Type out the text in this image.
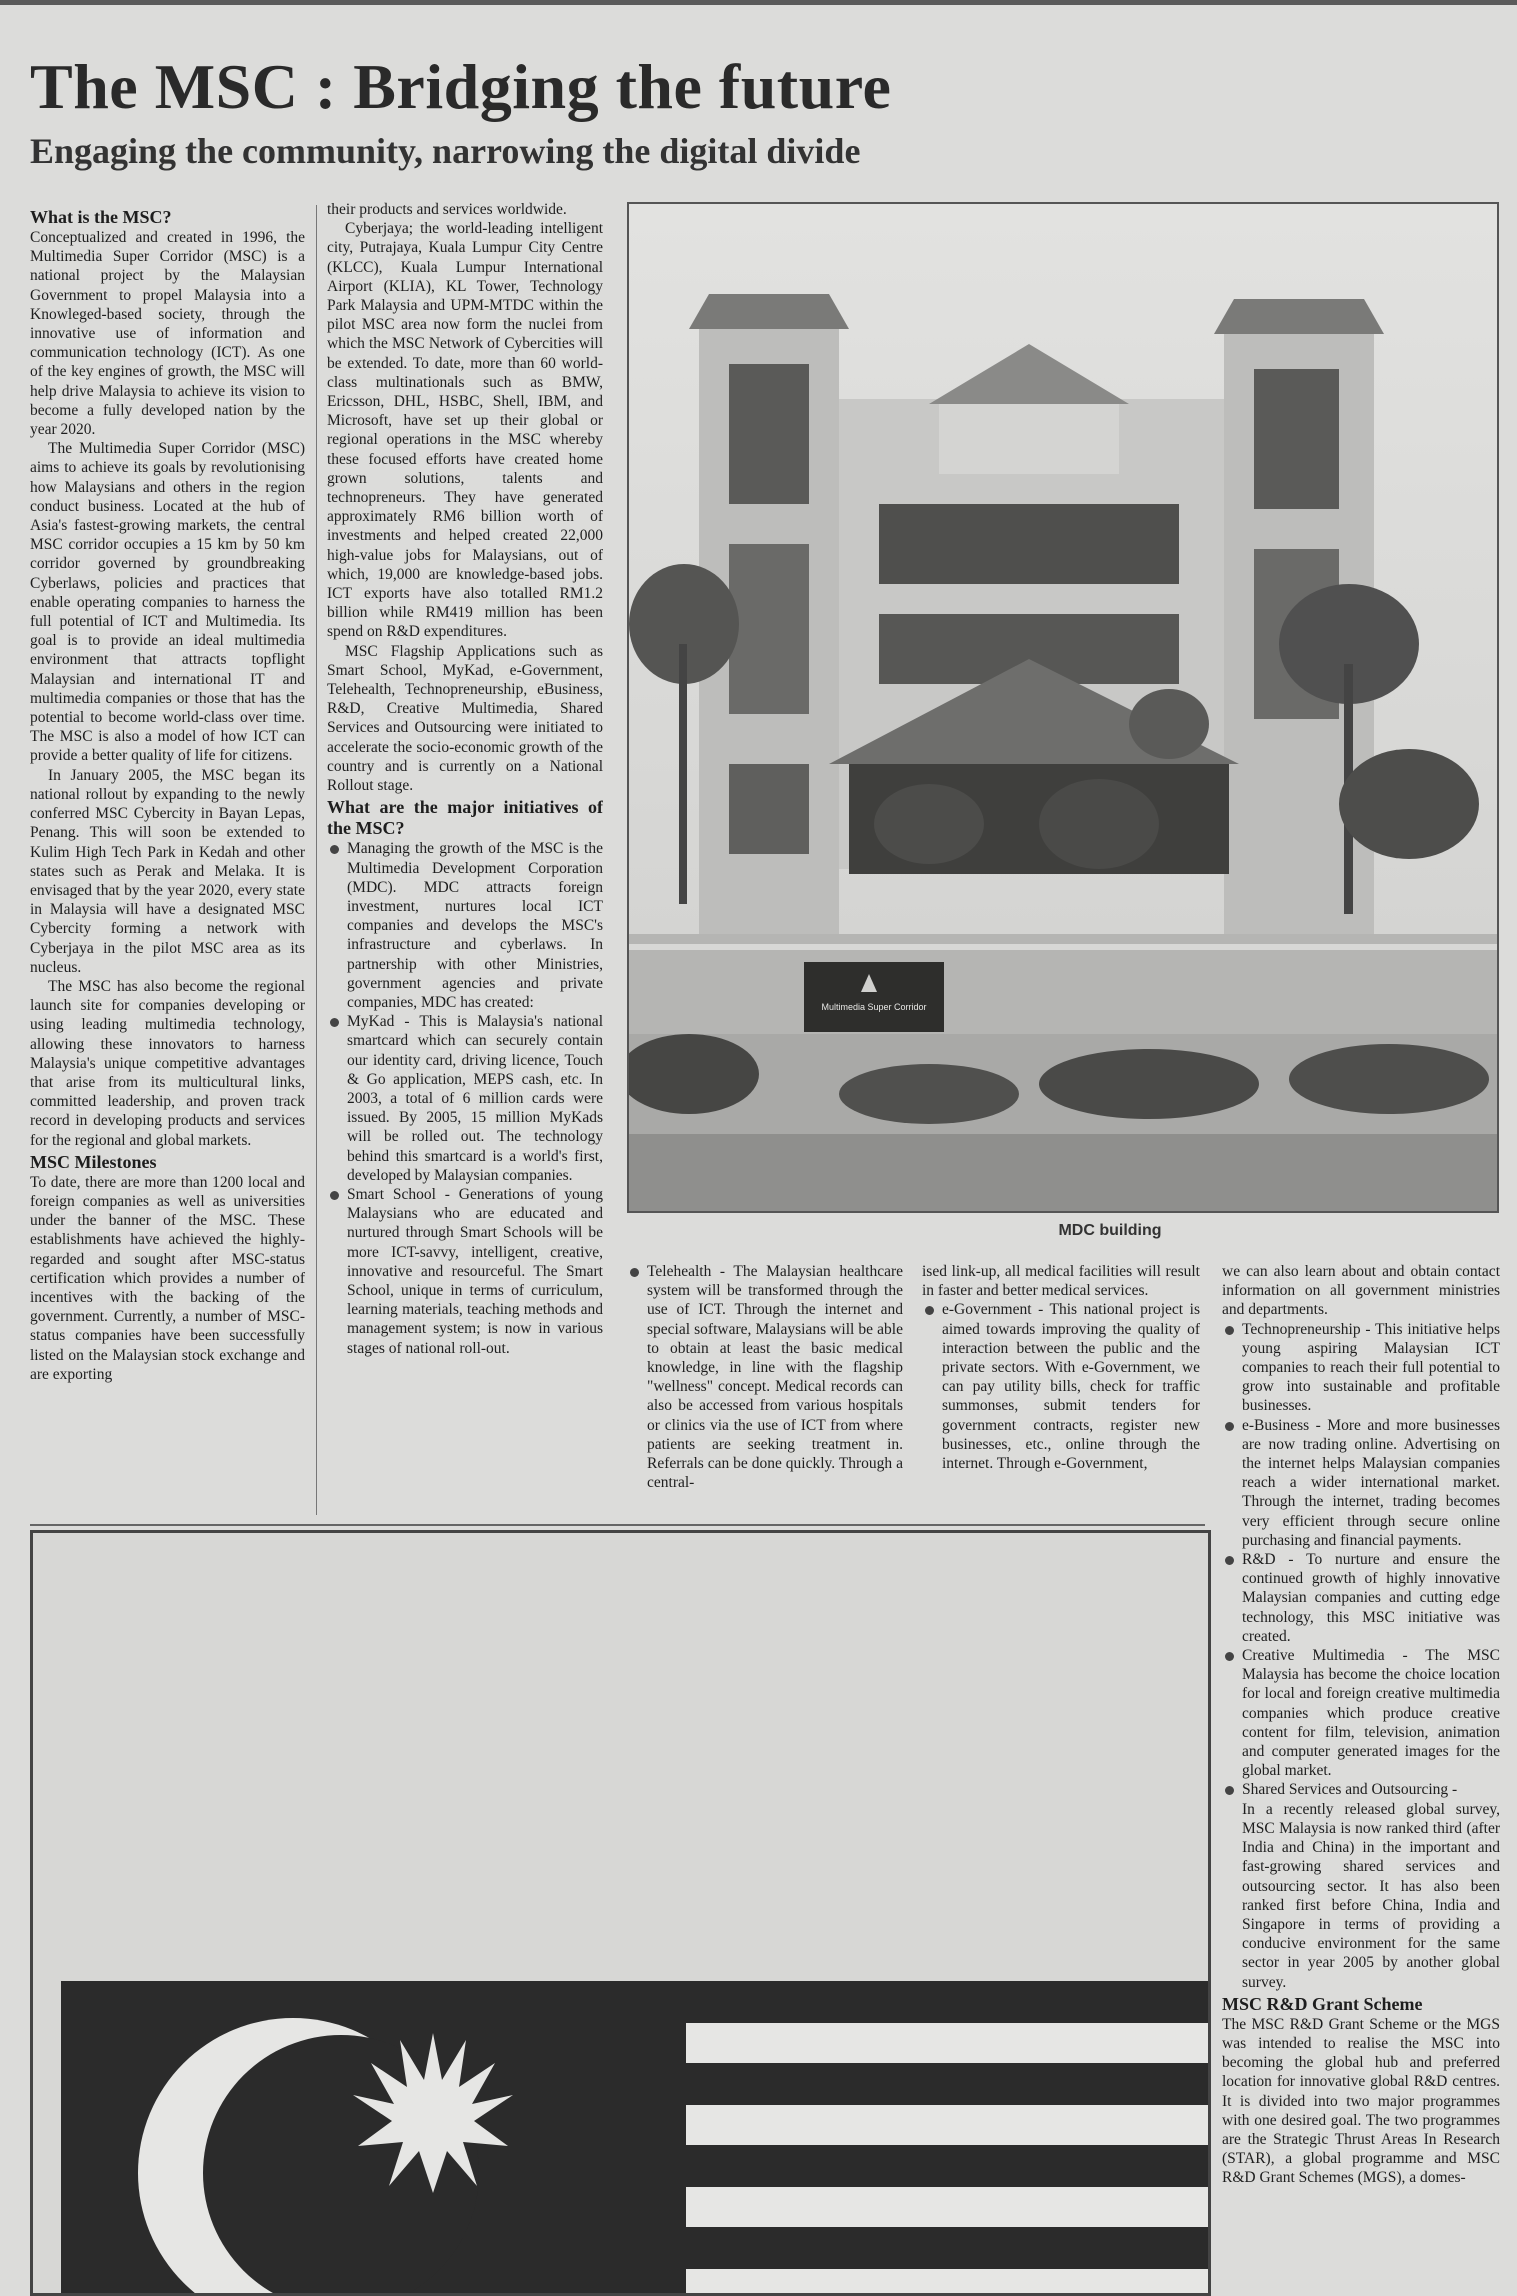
The MSC : Bridging the future
Engaging the community, narrowing the digital divide
What is the MSC?

Conceptualized and created in 1996, the Multimedia Super Corridor (MSC) is a national project by the Malaysian Government to propel Malaysia into a Knowleged-based society, through the innovative use of information and communication technology (ICT). As one of the key engines of growth, the MSC will help drive Malaysia to achieve its vision to become a fully developed nation by the year 2020.

The Multimedia Super Corridor (MSC) aims to achieve its goals by revolutionising how Malaysians and others in the region conduct business. Located at the hub of Asia's fastest-growing markets, the central MSC corridor occupies a 15 km by 50 km corridor governed by groundbreaking Cyberlaws, policies and practices that enable operating companies to harness the full potential of ICT and Multimedia. Its goal is to provide an ideal multimedia environment that attracts topflight Malaysian and international IT and multimedia companies or those that has the potential to become world-class over time. The MSC is also a model of how ICT can provide a better quality of life for citizens.

In January 2005, the MSC began its national rollout by expanding to the newly conferred MSC Cybercity in Bayan Lepas, Penang. This will soon be extended to Kulim High Tech Park in Kedah and other states such as Perak and Melaka. It is envisaged that by the year 2020, every state in Malaysia will have a designated MSC Cybercity forming a network with Cyberjaya in the pilot MSC area as its nucleus.

The MSC has also become the regional launch site for companies developing or using leading multimedia technology, allowing these innovators to harness Malaysia's unique competitive advantages that arise from its multicultural links, committed leadership, and proven track record in developing products and services for the regional and global markets.

MSC Milestones

To date, there are more than 1200 local and foreign companies as well as universities under the banner of the MSC. These establishments have achieved the highly-regarded and sought after MSC-status certification which provides a number of incentives with the backing of the government. Currently, a number of MSC-status companies have been successfully listed on the Malaysian stock exchange and are exporting

their products and services worldwide.

Cyberjaya; the world-leading intelligent city, Putrajaya, Kuala Lumpur City Centre (KLCC), Kuala Lumpur International Airport (KLIA), KL Tower, Technology Park Malaysia and UPM-MTDC within the pilot MSC area now form the nuclei from which the MSC Network of Cybercities will be extended. To date, more than 60 world-class multinationals such as BMW, Ericsson, DHL, HSBC, Shell, IBM, and Microsoft, have set up their global or regional operations in the MSC whereby these focused efforts have created home grown solutions, talents and technopreneurs. They have generated approximately RM6 billion worth of investments and helped created 22,000 high-value jobs for Malaysians, out of which, 19,000 are knowledge-based jobs. ICT exports have also totalled RM1.2 billion while RM419 million has been spend on R&D expenditures.

MSC Flagship Applications such as Smart School, MyKad, e-Government, Telehealth, Technopreneurship, eBusiness, R&D, Creative Multimedia, Shared Services and Outsourcing were initiated to accelerate the socio-economic growth of the country and is currently on a National Rollout stage.

What are the major initiatives of the MSC?
Managing the growth of the MSC is the Multimedia Development Corporation (MDC). MDC attracts foreign investment, nurtures local ICT companies and develops the MSC's infrastructure and cyberlaws. In partnership with other Ministries, government agencies and private companies, MDC has created:
MyKad - This is Malaysia's national smartcard which can securely contain our identity card, driving licence, Touch & Go application, MEPS cash, etc. In 2003, a total of 6 million cards were issued. By 2005, 15 million MyKads will be rolled out. The technology behind this smartcard is a world's first, developed by Malaysian companies.
Smart School - Generations of young Malaysians who are educated and nurtured through Smart Schools will be more ICT-savvy, intelligent, creative, innovative and resourceful. The Smart School, unique in terms of curriculum, learning materials, teaching methods and management system; is now in various stages of national roll-out.
Multimedia Super Corridor
MDC building
Telehealth - The Malaysian healthcare system will be transformed through the use of ICT. Through the internet and special software, Malaysians will be able to obtain at least the basic medical knowledge, in line with the flagship "wellness" concept. Medical records can also be accessed from various hospitals or clinics via the use of ICT from where patients are seeking treatment in. Referrals can be done quickly. Through a central-

ised link-up, all medical facilities will result in faster and better medical services.

e-Government - This national project is aimed towards improving the quality of interaction between the public and the private sectors. With e-Government, we can pay utility bills, check for traffic summonses, submit tenders for government contracts, register new businesses, etc., online through the internet. Through e-Government,

we can also learn about and obtain contact information on all government ministries and departments.

Technopreneurship - This initiative helps young aspiring Malaysian ICT companies to reach their full potential to grow into sustainable and profitable businesses.
e-Business - More and more businesses are now trading online. Advertising on the internet helps Malaysian companies reach a wider international market. Through the internet, trading becomes very efficient through secure online purchasing and financial payments.
R&D - To nurture and ensure the continued growth of highly innovative Malaysian companies and cutting edge technology, this MSC initiative was created.
Creative Multimedia - The MSC Malaysia has become the choice location for local and foreign creative multimedia companies which produce creative content for film, television, animation and computer generated images for the global market.
Shared Services and Outsourcing -
In a recently released global survey, MSC Malaysia is now ranked third (after India and China) in the important and fast-growing shared services and outsourcing sector. It has also been ranked first before China, India and Singapore in terms of providing a conducive environment for the same sector in year 2005 by another global survey.
MSC R&D Grant Scheme

The MSC R&D Grant Scheme or the MGS was intended to realise the MSC into becoming the global hub and preferred location for innovative global R&D centres. It is divided into two major programmes with one desired goal. The two programmes are the Strategic Thrust Areas In Research (STAR), a global programme and MSC R&D Grant Schemes (MGS), a domes-
